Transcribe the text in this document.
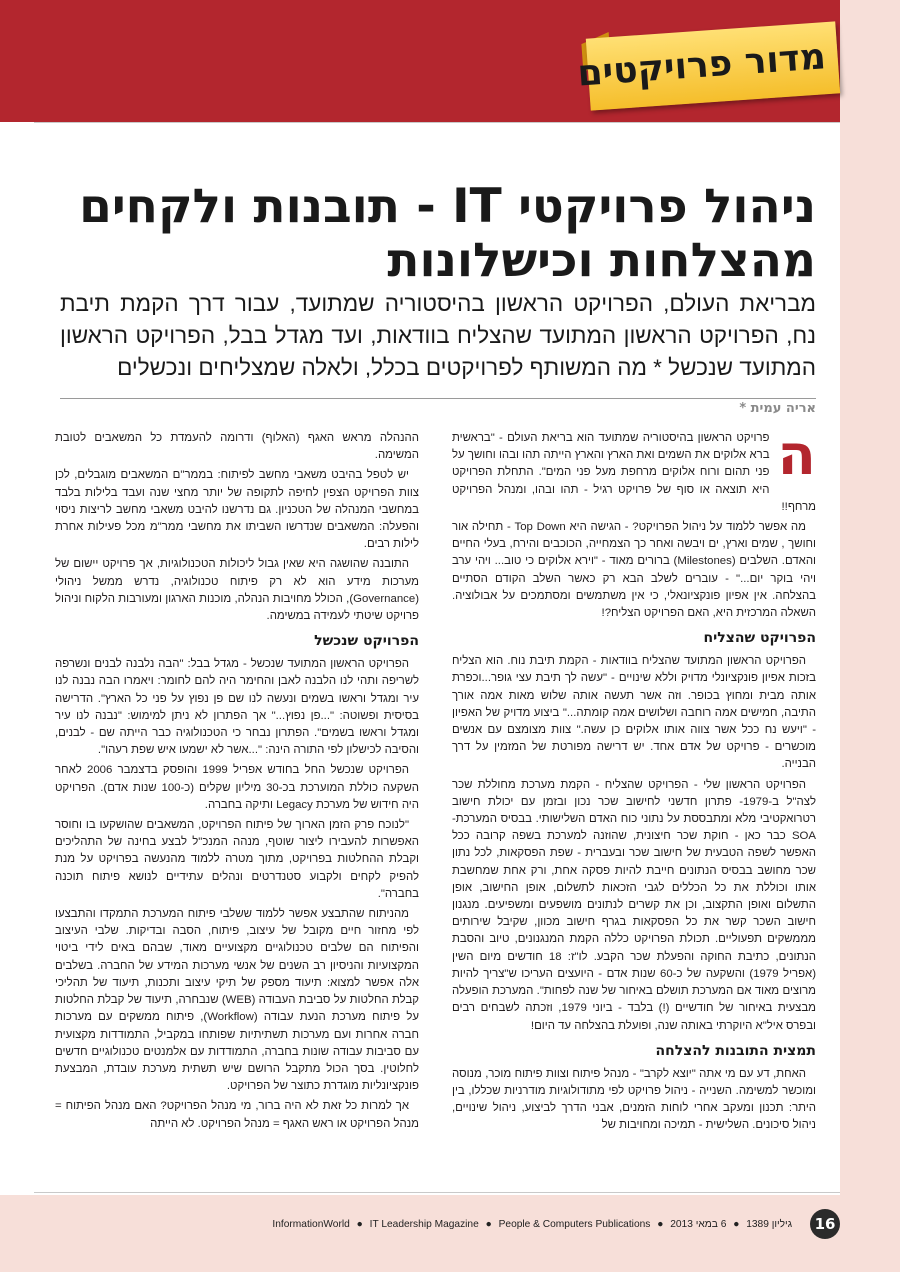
מדור פרויקטים
ניהול פרויקטי IT - תובנות ולקחים
מהצלחות וכישלונות
מבריאת העולם, הפרויקט הראשון בהיסטוריה שמתועד, עבור דרך הקמת תיבת נח, הפרויקט הראשון המתועד שהצליח בוודאות, ועד מגדל בבל, הפרויקט הראשון המתועד שנכשל * מה המשותף לפרויקטים בכלל, ולאלה שמצליחים ונכשלים
אריה עמית *
ה

פרויקט הראשון בהיסטוריה שמתועד הוא בריאת העולם - "בראשית ברא אלוקים את השמים ואת הארץ והארץ הייתה תהו ובהו וחושך על פני תהום ורוח אלוקים מרחפת מעל פני המים". התחלת הפרויקט היא תוצאה או סוף של פרויקט רגיל - תהו ובהו, ומנהל הפרויקט מרחף!!

מה אפשר ללמוד על ניהול הפרויקט? - הגישה היא Top Down - תחילה אור וחושך , שמים וארץ, ים ויבשה ואחר כך הצמחייה, הכוכבים והירח, בעלי החיים והאדם. השלבים (Milestones) ברורים מאוד - "וירא אלוקים כי טוב... ויהי ערב ויהי בוקר יום..." - עוברים לשלב הבא רק כאשר השלב הקודם הסתיים בהצלחה. אין אפיון פונקציונאלי, כי אין משתמשים ומסתמכים על אבולוציה. השאלה המרכזית היא, האם הפרויקט הצליח?!

הפרויקט שהצליח

הפרויקט הראשון המתועד שהצליח בוודאות - הקמת תיבת נוח. הוא הצליח בזכות אפיון פונקציונלי מדויק וללא שינויים - "עשה לך תיבת עצי גופר...וכפרת אותה מבית ומחוץ בכופר. וזה אשר תעשה אותה שלוש מאות אמה אורך התיבה, חמישים אמה רוחבה ושלושים אמה קומתה..." ביצוע מדויק של האפיון - "ויעש נח ככל אשר צווה אותו אלוקים כן עשה." צוות מצומצם עם אנשים מוכשרים - פרויקט של אדם אחד. יש דרישה מפורטת של המזמין על דרך הבנייה.

הפרויקט הראשון שלי - הפרויקט שהצליח - הקמת מערכת מחוללת שכר לצה"ל ב-1979- פתרון חדשני לחישוב שכר נכון ובזמן עם יכולת חישוב רטרואקטיבי מלא ומתבססת על נתוני כוח האדם השלישותי. בבסיס המערכת- SOA כבר כאן - חוקת שכר חיצונית, שהוזנה למערכת בשפה קרובה ככל האפשר לשפה הטבעית של חישוב שכר ובעברית - שפת הפסקאות, לכל נתון שכר מחושב בבסיס הנתונים חייבת להיות פסקה אחת, ורק אחת שמחשבת אותו וכוללת את כל הכללים לגבי הזכאות לתשלום, אופן החישוב, אופן התשלום ואופן התקצוב, וכן את קשרים לנתונים מושפעים ומשפיעים. מנגנון חישוב השכר קשר את כל הפסקאות בגרף חישוב מכוון, שקיבל שירותים מממשקים תפעוליים. תכולת הפרויקט כללה הקמת המנגנונים, טיוב והסבת הנתונים, כתיבת החוקה והפעלת שכר הקבע. לו"ז: 18 חודשים מיום השין (אפריל 1979) והשקעה של כ-60 שנות אדם - היועצים העריכו ש"צריך להיות מרוצים מאוד אם המערכת תושלם באיחור של שנה לפחות". המערכת הופעלה מבצעית באיחור של חודשיים (!) בלבד - ביוני 1979, וזכתה לשבחים רבים ובפרס איל"א היוקרתי באותה שנה, ופועלת בהצלחה עד היום!

תמצית התובנות להצלחה

האחת, דע עם מי אתה "יוצא לקרב" - מנהל פיתוח וצוות פיתוח מוכר, מנוסה ומוכשר למשימה. השנייה - ניהול פרויקט לפי מתודולוגיות מודרניות שכללו, בין היתר: תכנון ומעקב אחרי לוחות הזמנים, אבני הדרך לביצוע, ניהול שינויים, ניהול סיכונים. השלישית - תמיכה ומחויבות של

ההנהלה מראש האגף (האלוף) ודרומה להעמדת כל המשאבים לטובת המשימה.

יש לטפל בהיבט משאבי מחשב לפיתוח: בממר"ם המשאבים מוגבלים, לכן צוות הפרויקט הצפין לחיפה לתקופה של יותר מחצי שנה ועבד בלילות בלבד במחשבי המנהלה של הטכניון. גם נדרשנו להיבט משאבי מחשב לריצות ניסוי והפעלה: המשאבים שנדרשו השביתו את מחשבי ממר"מ מכל פעילות אחרת לילות רבים.

התובנה שהושגה היא שאין גבול ליכולות הטכנולוגיות, אך פרויקט יישום של מערכות מידע הוא לא רק פיתוח טכנולוגיה, נדרש ממשל ניהולי (Governance), הכולל מחויבות הנהלה, מוכנות הארגון ומעורבות הלקוח וניהול פרויקט שיטתי לעמידה במשימה.

הפרויקט שנכשל

הפרויקט הראשון המתועד שנכשל - מגדל בבל: "הבה נלבנה לבנים ונשרפה לשריפה ותהי לנו הלבנה לאבן והחימר היה להם לחומר: ויאמרו הבה נבנה לנו עיר ומגדל וראשו בשמים ונעשה לנו שם פן נפוץ על פני כל הארץ". הדרישה בסיסית ופשוטה: "...פן נפוץ..." אך הפתרון לא ניתן למימוש: "נבנה לנו עיר ומגדל וראשו בשמים". הפתרון נבחר כי הטכנולוגיה כבר הייתה שם - לבנים, והסיבה לכישלון לפי התורה הינה: "...אשר לא ישמעו איש שפת רעהו".

הפרויקט שנכשל החל בחודש אפריל 1999 והופסק בדצמבר 2006 לאחר השקעה כוללת המוערכת בכ-30 מיליון שקלים (כ-100 שנות אדם). הפרויקט היה חידוש של מערכת Legacy ותיקה בחברה.

"לנוכח פרק הזמן הארוך של פיתוח הפרויקט, המשאבים שהושקעו בו וחוסר האפשרות להעבירו ליצור שוטף, מנהה המנכ"ל לבצע בחינה של התהליכים וקבלת ההחלטות בפרויקט, מתוך מטרה ללמוד מהנעשה בפרויקט על מנת להפיק לקחים ולקבוע סטנדרטים ונהלים עתידיים לנושא פיתוח תוכנה בחברה".

מהניתוח שהתבצע אפשר ללמוד ששלבי פיתוח המערכת התמקדו והתבצעו לפי מחזור חיים מקובל של עיצוב, פיתוח, הסבה ובדיקות. שלבי העיצוב והפיתוח הם שלבים טכנולוגיים מקצועיים מאוד, שבהם באים לידי ביטוי המקצועיות והניסיון רב השנים של אנשי מערכות המידע של החברה. בשלבים אלה אפשר למצוא: תיעוד מספק של תיקי עיצוב ותכנות, תיעוד של תהליכי קבלת החלטות על סביבת העבודה (WEB) שנבחרה, תיעוד של קבלת החלטות על פיתוח מערכת הנעת עבודה (Workflow), פיתוח ממשקים עם מערכות חברה אחרות ועם מערכות תשתיתיות שפותחו במקביל, התמודדות מקצועית עם סביבות עבודה שונות בחברה, התמודדות עם אלמנטים טכנולוגיים חדשים לחלוטין. בסך הכול מתקבל הרושם שיש תשתית מערכת עובדת, המבצעת פונקציונליות מוגדרת כתוצר של הפרויקט.

אך למרות כל זאת לא היה ברור, מי מנהל הפרויקט? האם מנהל הפיתוח = מנהל הפרויקט או ראש האגף = מנהל הפרויקט. לא הייתה

16
גיליון 1389 ● 6 במאי 2013 ● InformationWorld ● IT Leadership Magazine ● People & Computers Publications
